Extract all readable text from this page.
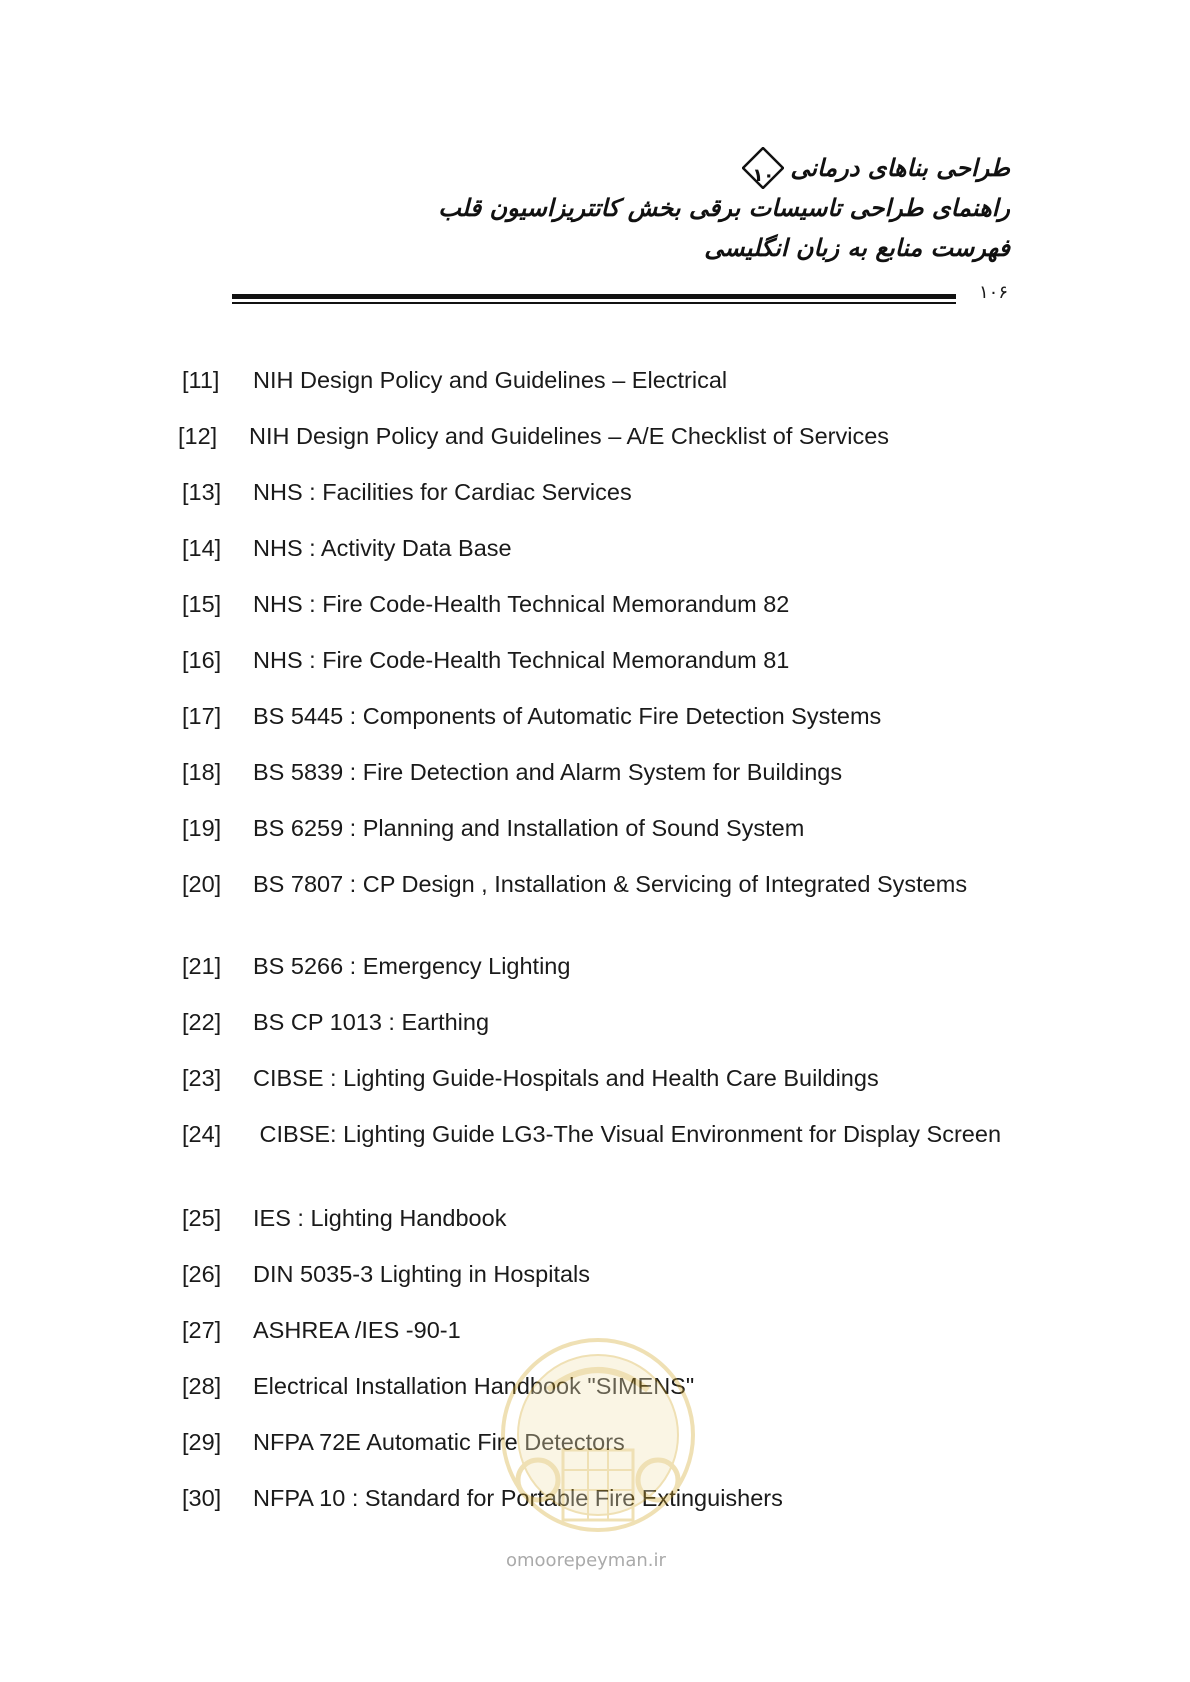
طراحی بناهای درمانی
۱۰
راهنمای طراحی تاسیسات برقی بخش کاتتریزاسیون قلب
فهرست منابع به زبان انگلیسی
۱۰۶
[11] NIH Design Policy and Guidelines – Electrical
[12] NIH Design Policy and Guidelines – A/E Checklist of Services
[13] NHS : Facilities for Cardiac Services
[14] NHS : Activity Data Base
[15] NHS : Fire Code-Health Technical Memorandum 82
[16] NHS : Fire Code-Health Technical Memorandum 81
[17] BS 5445 : Components of Automatic Fire Detection Systems
[18] BS 5839 : Fire Detection and Alarm System for Buildings
[19] BS 6259 : Planning and Installation of Sound System
[20] BS 7807 : CP Design , Installation & Servicing of Integrated Systems
[21] BS 5266 : Emergency Lighting
[22] BS CP 1013 : Earthing
[23] CIBSE : Lighting Guide-Hospitals and Health Care Buildings
[24] CIBSE: Lighting Guide LG3-The Visual Environment for Display Screen
[25] IES : Lighting Handbook
[26] DIN 5035-3 Lighting in Hospitals
[27] ASHREA /IES -90-1
[28] Electrical Installation Handbook "SIMENS"
[29] NFPA 72E Automatic Fire Detectors
[30] NFPA 10 : Standard for Portable Fire Extinguishers
omoorepeyman.ir
